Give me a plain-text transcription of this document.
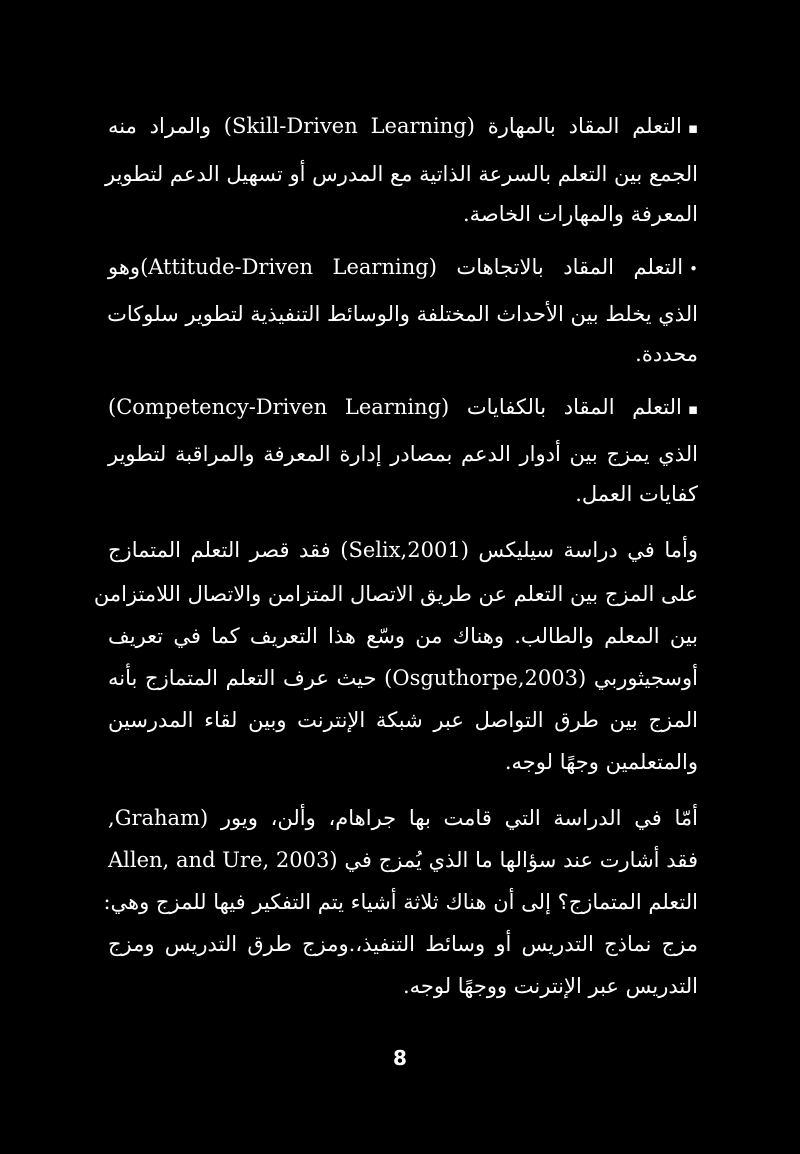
▪التعلم المقاد بالمهارة (Skill-Driven Learning) والمراد منه
الجمع بين التعلم بالسرعة الذاتية مع المدرس أو تسهيل الدعم لتطوير
المعرفة والمهارات الخاصة.
•التعلم المقاد بالاتجاهات (Attitude-Driven Learning)وهو
الذي يخلط بين الأحداث المختلفة والوسائط التنفيذية لتطوير سلوكات
محددة.
▪التعلم المقاد بالكفايات (Competency-Driven Learning)
الذي يمزج بين أدوار الدعم بمصادر إدارة المعرفة والمراقبة لتطوير
كفايات العمل.
وأما في دراسة سيليكس (Selix,2001) فقد قصر التعلم المتمازج
على المزج بين التعلم عن طريق الاتصال المتزامن والاتصال اللامتزامن
بين المعلم والطالب. وهناك من وسّع هذا التعريف كما في تعريف
أوسجيثوربي (Osguthorpe,2003) حيث عرف التعلم المتمازج بأنه
المزج بين طرق التواصل عبر شبكة الإنترنت وبين لقاء المدرسين
والمتعلمين وجهًا لوجه.
أمّا في الدراسة التي قامت بها جراهام، وألن، ويور (Graham,
Allen, and Ure, 2003) فقد أشارت عند سؤالها ما الذي يُمزج في
التعلم المتمازج؟ إلى أن هناك ثلاثة أشياء يتم التفكير فيها للمزج وهي:
مزج نماذج التدريس أو وسائط التنفيذ،.ومزج طرق التدريس ومزج
التدريس عبر الإنترنت ووجهًا لوجه.
8
